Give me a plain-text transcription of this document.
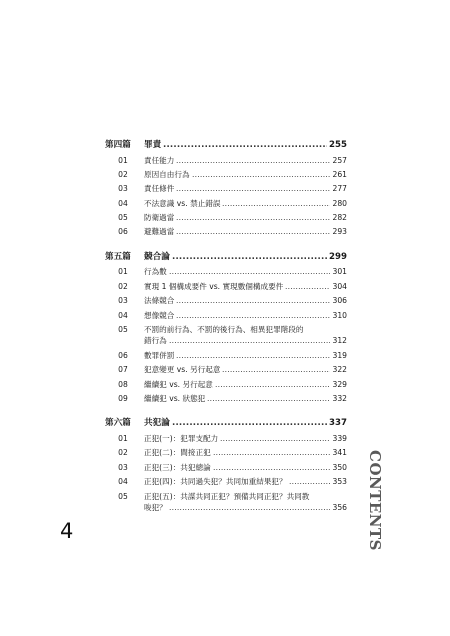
第四篇	罪責 .....	255
01	責任能力 .....	257
02	原因自由行為 .....	261
03	責任條件 .....	277
04	不法意識 vs. 禁止錯誤 .....	280
05	防衛過當 .....	282
06	避難過當 .....	293
第五篇	競合論 .....	299
01	行為數 .....	301
02	實現 1 個構成要件 vs. 實現數個構成要件 .....	304
03	法條競合 .....	306
04	想像競合 .....	310
05	不罰的前行為、不罰的後行為、相異犯罪階段的
錯行為 .....	312
06	數罪併罰 .....	319
07	犯意變更 vs. 另行起意 .....	322
08	繼續犯 vs. 另行起意 .....	329
09	繼續犯 vs. 狀態犯 .....	332
第六篇	共犯論 .....	337
01	正犯(一)：犯罪支配力 .....	339
02	正犯(二)：間接正犯 .....	341
03	正犯(三)：共犯總論 .....	350
04	正犯(四)：共同過失犯？共同加重結果犯？ .....	353
05	正犯(五)：共謀共同正犯？預備共同正犯？共同教
唆犯？ .....	356 CONTENTS
4
